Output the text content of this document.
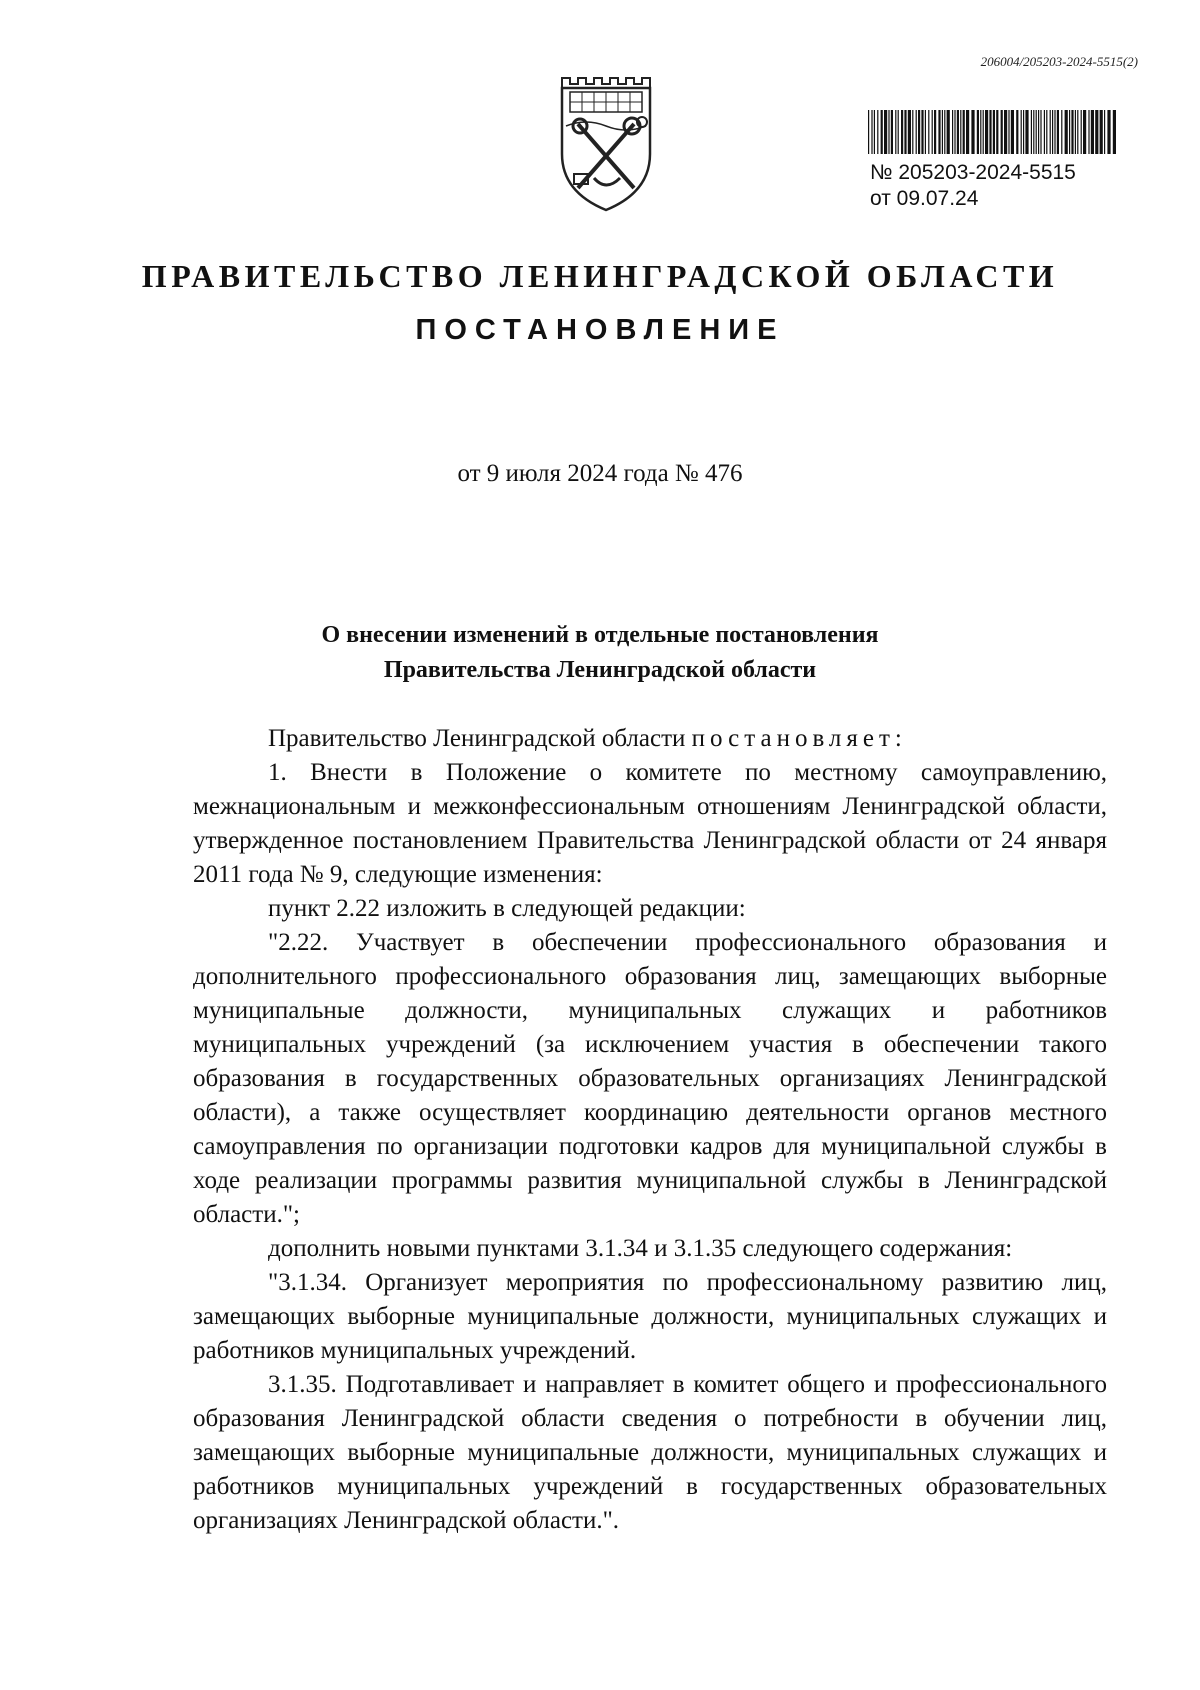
206004/205203-2024-5515(2)
№ 205203-2024-5515
от 09.07.24
ПРАВИТЕЛЬСТВО ЛЕНИНГРАДСКОЙ ОБЛАСТИ
ПОСТАНОВЛЕНИЕ
от 9 июля 2024 года № 476
О внесении изменений в отдельные постановления
Правительства Ленинградской области

Правительство Ленинградской области постановляет:

1. Внести в Положение о комитете по местному самоуправлению, межнациональным и межконфессиональным отношениям Ленинградской области, утвержденное постановлением Правительства Ленинградской области от 24 января 2011 года № 9, следующие изменения:

пункт 2.22 изложить в следующей редакции:

"2.22. Участвует в обеспечении профессионального образования и дополнительного профессионального образования лиц, замещающих выборные муниципальные должности, муниципальных служащих и работников муниципальных учреждений (за исключением участия в обеспечении такого образования в государственных образовательных организациях Ленинградской области), а также осуществляет координацию деятельности органов местного самоуправления по организации подготовки кадров для муниципальной службы в ходе реализации программы развития муниципальной службы в Ленинградской области.";

дополнить новыми пунктами 3.1.34 и 3.1.35 следующего содержания:

"3.1.34. Организует мероприятия по профессиональному развитию лиц, замещающих выборные муниципальные должности, муниципальных служащих и работников муниципальных учреждений.

3.1.35. Подготавливает и направляет в комитет общего и профессионального образования Ленинградской области сведения о потребности в обучении лиц, замещающих выборные муниципальные должности, муниципальных служащих и работников муниципальных учреждений в государственных образовательных организациях Ленинградской области.".
